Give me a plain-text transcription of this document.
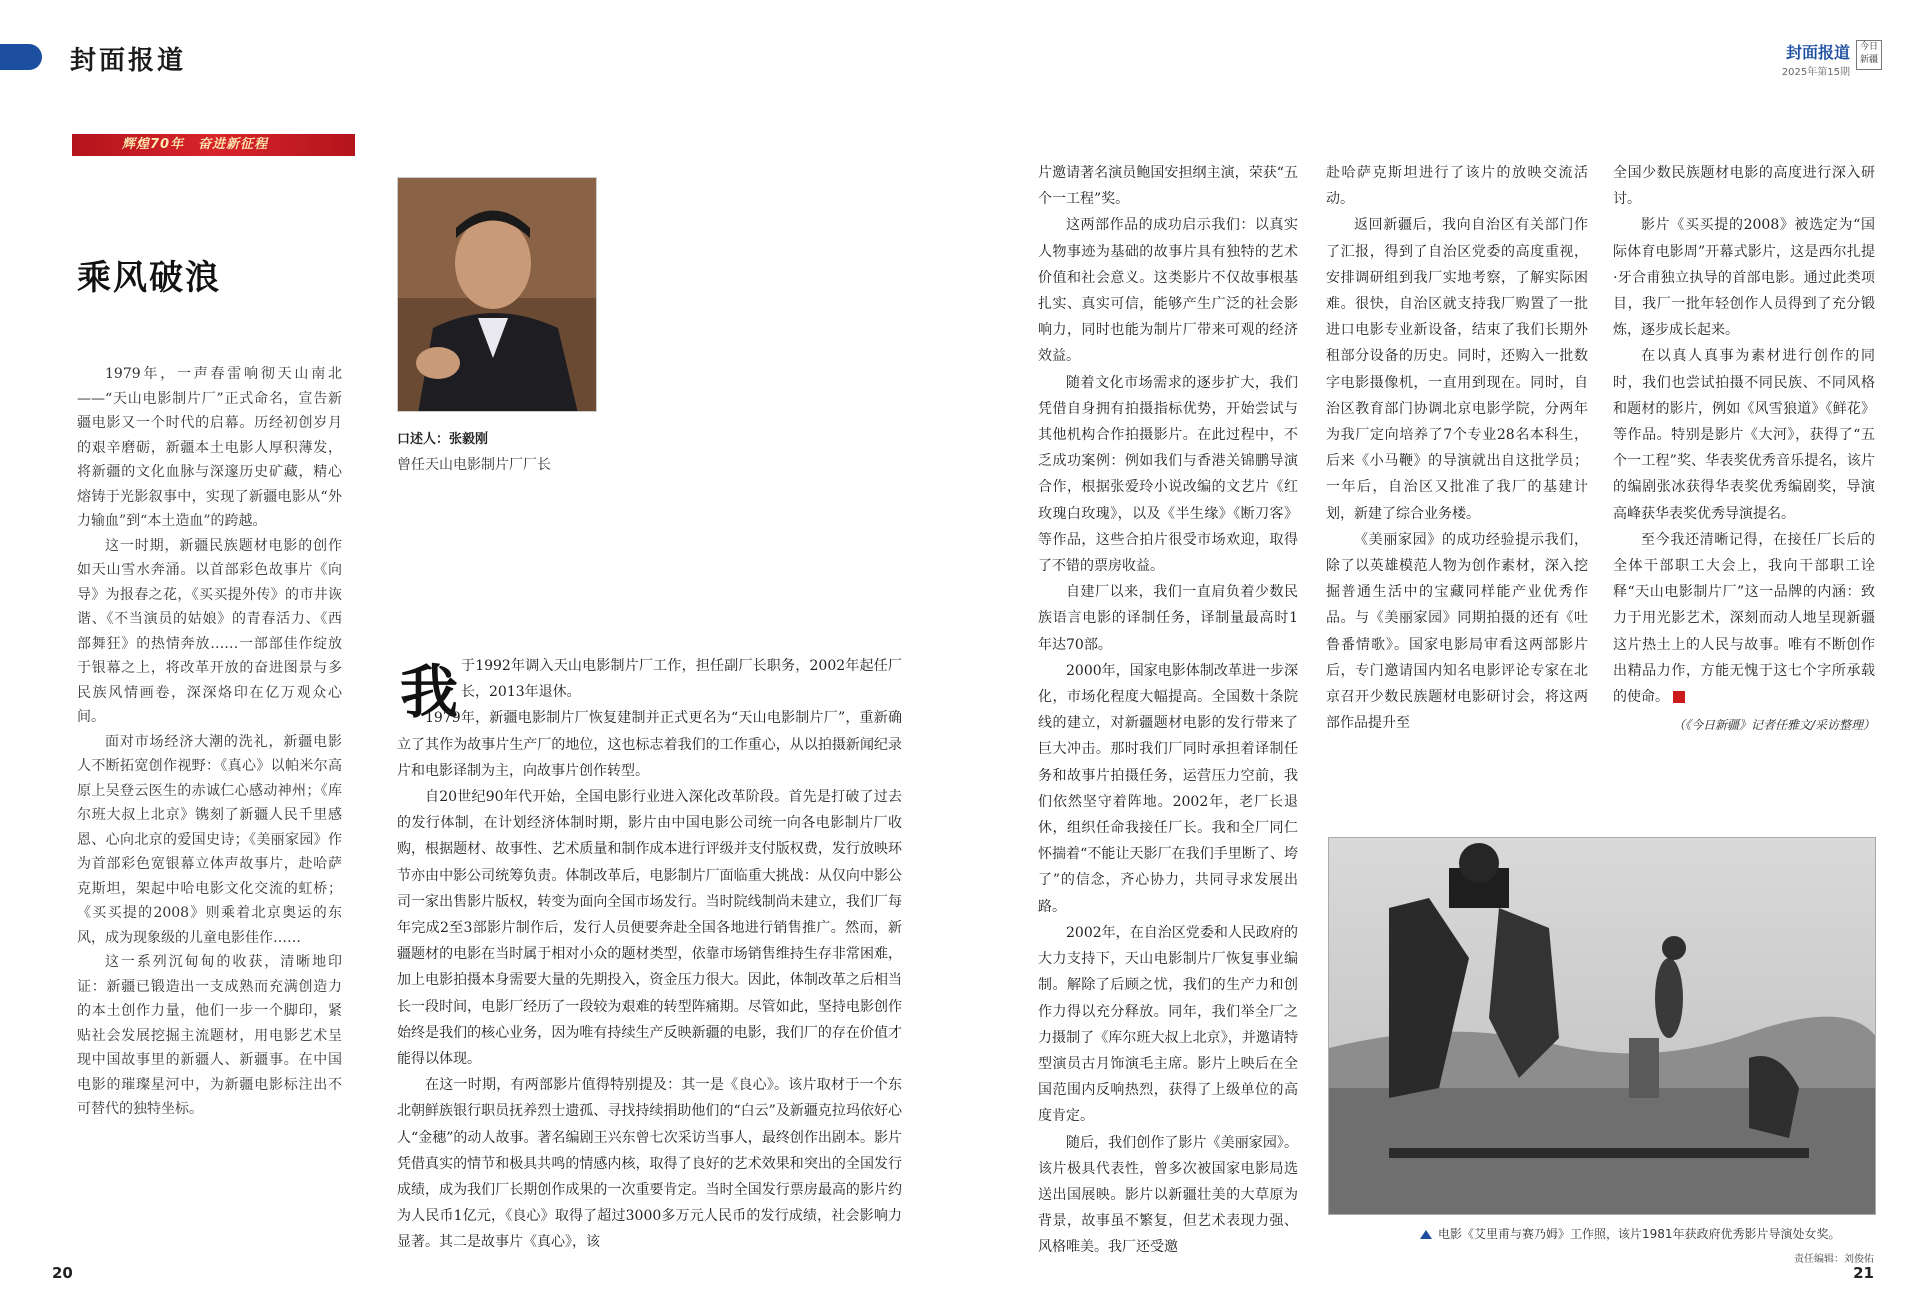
封面报道	封面报道
2025年第15期
今日新疆
辉煌70年　奋进新征程
乘风破浪

1979年，一声春雷响彻天山南北——“天山电影制片厂”正式命名，宣告新疆电影又一个时代的启幕。历经初创岁月的艰辛磨砺，新疆本土电影人厚积薄发，将新疆的文化血脉与深邃历史矿藏，精心熔铸于光影叙事中，实现了新疆电影从“外力输血”到“本土造血”的跨越。

这一时期，新疆民族题材电影的创作如天山雪水奔涌。以首部彩色故事片《向导》为报春之花，《买买提外传》的市井诙谐、《不当演员的姑娘》的青春活力、《西部舞狂》的热情奔放……一部部佳作绽放于银幕之上，将改革开放的奋进图景与多民族风情画卷，深深烙印在亿万观众心间。

面对市场经济大潮的洗礼，新疆电影人不断拓宽创作视野：《真心》以帕米尔高原上吴登云医生的赤诚仁心感动神州；《库尔班大叔上北京》镌刻了新疆人民千里感恩、心向北京的爱国史诗；《美丽家园》作为首部彩色宽银幕立体声故事片，赴哈萨克斯坦，架起中哈电影文化交流的虹桥；《买买提的2008》则乘着北京奥运的东风，成为现象级的儿童电影佳作……

这一系列沉甸甸的收获，清晰地印证：新疆已锻造出一支成熟而充满创造力的本土创作力量，他们一步一个脚印，紧贴社会发展挖掘主流题材，用电影艺术呈现中国故事里的新疆人、新疆事。在中国电影的璀璨星河中，为新疆电影标注出不可替代的独特坐标。

口述人：张毅刚
曾任天山电影制片厂厂长
我 于1992年调入天山电影制片厂工作，担任副厂长职务，2002年起任厂长，2013年退休。

1979年，新疆电影制片厂恢复建制并正式更名为“天山电影制片厂”，重新确立了其作为故事片生产厂的地位，这也标志着我们的工作重心，从以拍摄新闻纪录片和电影译制为主，向故事片创作转型。

自20世纪90年代开始，全国电影行业进入深化改革阶段。首先是打破了过去的发行体制，在计划经济体制时期，影片由中国电影公司统一向各电影制片厂收购，根据题材、故事性、艺术质量和制作成本进行评级并支付版权费，发行放映环节亦由中影公司统筹负责。体制改革后，电影制片厂面临重大挑战：从仅向中影公司一家出售影片版权，转变为面向全国市场发行。当时院线制尚未建立，我们厂每年完成2至3部影片制作后，发行人员便要奔赴全国各地进行销售推广。然而，新疆题材的电影在当时属于相对小众的题材类型，依靠市场销售维持生存非常困难，加上电影拍摄本身需要大量的先期投入，资金压力很大。因此，体制改革之后相当长一段时间，电影厂经历了一段较为艰难的转型阵痛期。尽管如此，坚持电影创作始终是我们的核心业务，因为唯有持续生产反映新疆的电影，我们厂的存在价值才能得以体现。

在这一时期，有两部影片值得特别提及：其一是《良心》。该片取材于一个东北朝鲜族银行职员抚养烈士遗孤、寻找持续捐助他们的“白云”及新疆克拉玛依好心人“金穗”的动人故事。著名编剧王兴东曾七次采访当事人，最终创作出剧本。影片凭借真实的情节和极具共鸣的情感内核，取得了良好的艺术效果和突出的全国发行成绩，成为我们厂长期创作成果的一次重要肯定。当时全国发行票房最高的影片约为人民币1亿元，《良心》取得了超过3000多万元人民币的发行成绩，社会影响力显著。其二是故事片《真心》，该

片邀请著名演员鲍国安担纲主演，荣获“五个一工程”奖。

这两部作品的成功启示我们：以真实人物事迹为基础的故事片具有独特的艺术价值和社会意义。这类影片不仅故事根基扎实、真实可信，能够产生广泛的社会影响力，同时也能为制片厂带来可观的经济效益。

随着文化市场需求的逐步扩大，我们凭借自身拥有拍摄指标优势，开始尝试与其他机构合作拍摄影片。在此过程中，不乏成功案例：例如我们与香港关锦鹏导演合作，根据张爱玲小说改编的文艺片《红玫瑰白玫瑰》，以及《半生缘》《断刀客》等作品，这些合拍片很受市场欢迎，取得了不错的票房收益。

自建厂以来，我们一直肩负着少数民族语言电影的译制任务，译制量最高时1年达70部。

2000年，国家电影体制改革进一步深化，市场化程度大幅提高。全国数十条院线的建立，对新疆题材电影的发行带来了巨大冲击。那时我们厂同时承担着译制任务和故事片拍摄任务，运营压力空前，我们依然坚守着阵地。2002年，老厂长退休，组织任命我接任厂长。我和全厂同仁怀揣着“不能让天影厂在我们手里断了、垮了”的信念，齐心协力，共同寻求发展出路。

2002年，在自治区党委和人民政府的大力支持下，天山电影制片厂恢复事业编制。解除了后顾之忧，我们的生产力和创作力得以充分释放。同年，我们举全厂之力摄制了《库尔班大叔上北京》，并邀请特型演员古月饰演毛主席。影片上映后在全国范围内反响热烈，获得了上级单位的高度肯定。

随后，我们创作了影片《美丽家园》。该片极具代表性，曾多次被国家电影局选送出国展映。影片以新疆壮美的大草原为背景，故事虽不繁复，但艺术表现力强、风格唯美。我厂还受邀

赴哈萨克斯坦进行了该片的放映交流活动。

返回新疆后，我向自治区有关部门作了汇报，得到了自治区党委的高度重视，安排调研组到我厂实地考察，了解实际困难。很快，自治区就支持我厂购置了一批进口电影专业新设备，结束了我们长期外租部分设备的历史。同时，还购入一批数字电影摄像机，一直用到现在。同时，自治区教育部门协调北京电影学院，分两年为我厂定向培养了7个专业28名本科生，后来《小马鞭》的导演就出自这批学员；一年后，自治区又批准了我厂的基建计划，新建了综合业务楼。

《美丽家园》的成功经验提示我们，除了以英雄模范人物为创作素材，深入挖掘普通生活中的宝藏同样能产业优秀作品。与《美丽家园》同期拍摄的还有《吐鲁番情歌》。国家电影局审看这两部影片后，专门邀请国内知名电影评论专家在北京召开少数民族题材电影研讨会，将这两部作品提升至

全国少数民族题材电影的高度进行深入研讨。

影片《买买提的2008》被选定为“国际体育电影周”开幕式影片，这是西尔扎提·牙合甫独立执导的首部电影。通过此类项目，我厂一批年轻创作人员得到了充分锻炼，逐步成长起来。

在以真人真事为素材进行创作的同时，我们也尝试拍摄不同民族、不同风格和题材的影片，例如《风雪狼道》《鲜花》等作品。特别是影片《大河》，获得了“五个一工程”奖、华表奖优秀音乐提名，该片的编剧张冰获得华表奖优秀编剧奖，导演高峰获华表奖优秀导演提名。

至今我还清晰记得，在接任厂长后的全体干部职工大会上，我向干部职工诠释“天山电影制片厂”这一品牌的内涵：致力于用光影艺术，深刻而动人地呈现新疆这片热土上的人民与故事。唯有不断创作出精品力作，方能无愧于这七个字所承载的使命。

（《今日新疆》记者任雅文/采访整理）
电影《艾里甫与赛乃姆》工作照，该片1981年获政府优秀影片导演处女奖。
责任编辑：刘俊佑
20	21
